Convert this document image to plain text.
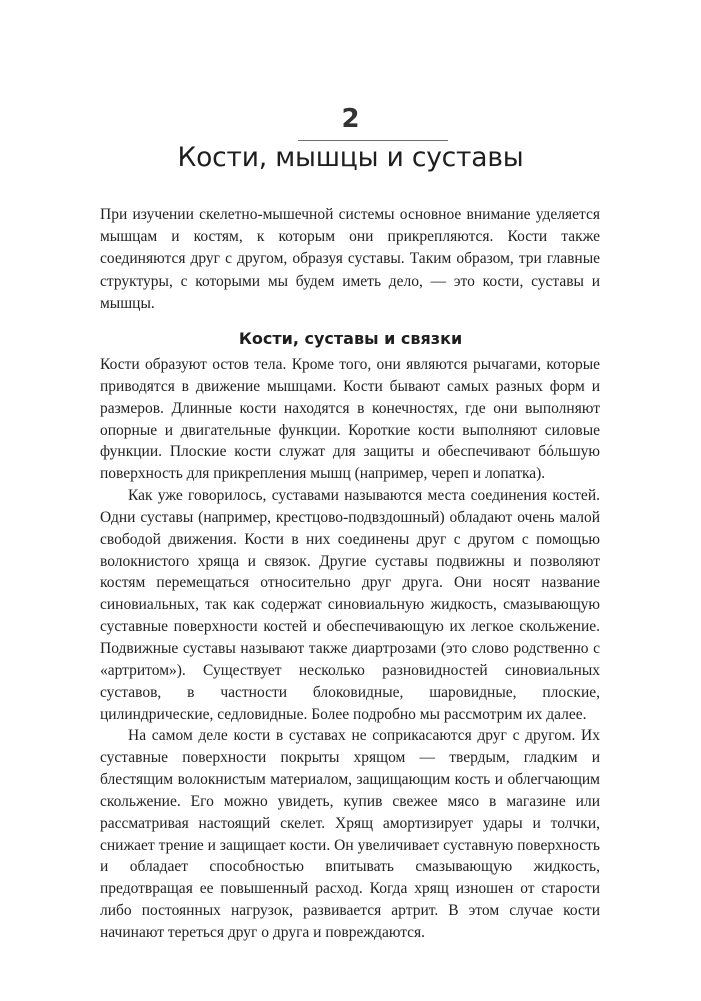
2
Кости, мышцы и суставы

При изучении скелетно-мышечной системы основное внимание уделяется мышцам и костям, к которым они прикрепляются. Кости также соединяются друг с другом, образуя суставы. Таким образом, три главные структуры, с которыми мы будем иметь дело, — это кости, суставы и мышцы.

Кости, суставы и связки

Кости образуют остов тела. Кроме того, они являются рычагами, которые приводятся в движение мышцами. Кости бывают самых разных форм и размеров. Длинные кости находятся в конечностях, где они выполняют опорные и двигательные функции. Короткие кости выполняют силовые функции. Плоские кости служат для защиты и обеспечивают бóльшую поверхность для прикрепления мышц (например, череп и лопатка).

Как уже говорилось, суставами называются места соединения костей. Одни суставы (например, крестцово-подвздошный) обладают очень малой свободой движения. Кости в них соединены друг с другом с помощью волокнистого хряща и связок. Другие суставы подвижны и позволяют костям перемещаться относительно друг друга. Они носят название синовиальных, так как содержат синовиальную жидкость, смазывающую суставные поверхности костей и обеспечивающую их легкое скольжение. Подвижные суставы называют также диартрозами (это слово родственно с «артритом»). Существует несколько разновидностей синовиальных суставов, в частности блоковидные, шаровидные, плоские, цилиндрические, седловидные. Более подробно мы рассмотрим их далее.

На самом деле кости в суставах не соприкасаются друг с другом. Их суставные поверхности покрыты хрящом — твердым, гладким и блестящим волокнистым материалом, защищающим кость и облегчающим скольжение. Его можно увидеть, купив свежее мясо в магазине или рассматривая настоящий скелет. Хрящ амортизирует удары и толчки, снижает трение и защищает кости. Он увеличивает суставную поверхность и обладает способностью впитывать смазывающую жидкость, предотвращая ее повышенный расход. Когда хрящ изношен от старости либо постоянных нагрузок, развивается артрит. В этом случае кости начинают тереться друг о друга и повреждаются.
